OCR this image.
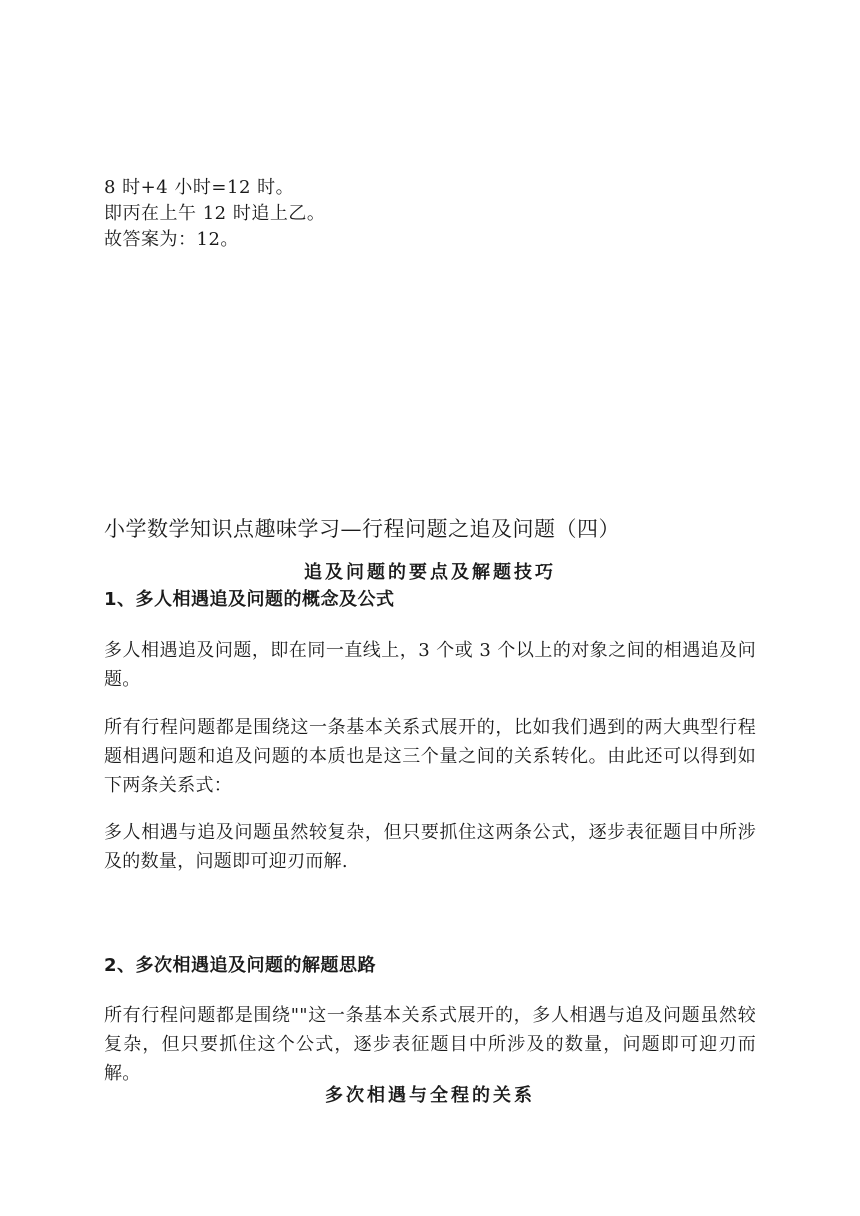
8 时+4 小时=12 时。
即丙在上午 12 时追上乙。
故答案为：12。
小学数学知识点趣味学习—行程问题之追及问题（四）
追及问题的要点及解题技巧
1、多人相遇追及问题的概念及公式
多人相遇追及问题，即在同一直线上，3 个或 3 个以上的对象之间的相遇追及问题。
所有行程问题都是围绕这一条基本关系式展开的，比如我们遇到的两大典型行程题相遇问题和追及问题的本质也是这三个量之间的关系转化。由此还可以得到如下两条关系式：
多人相遇与追及问题虽然较复杂，但只要抓住这两条公式，逐步表征题目中所涉及的数量，问题即可迎刃而解.
2、多次相遇追及问题的解题思路
所有行程问题都是围绕""这一条基本关系式展开的，多人相遇与追及问题虽然较复杂，但只要抓住这个公式，逐步表征题目中所涉及的数量，问题即可迎刃而解。
多次相遇与全程的关系
